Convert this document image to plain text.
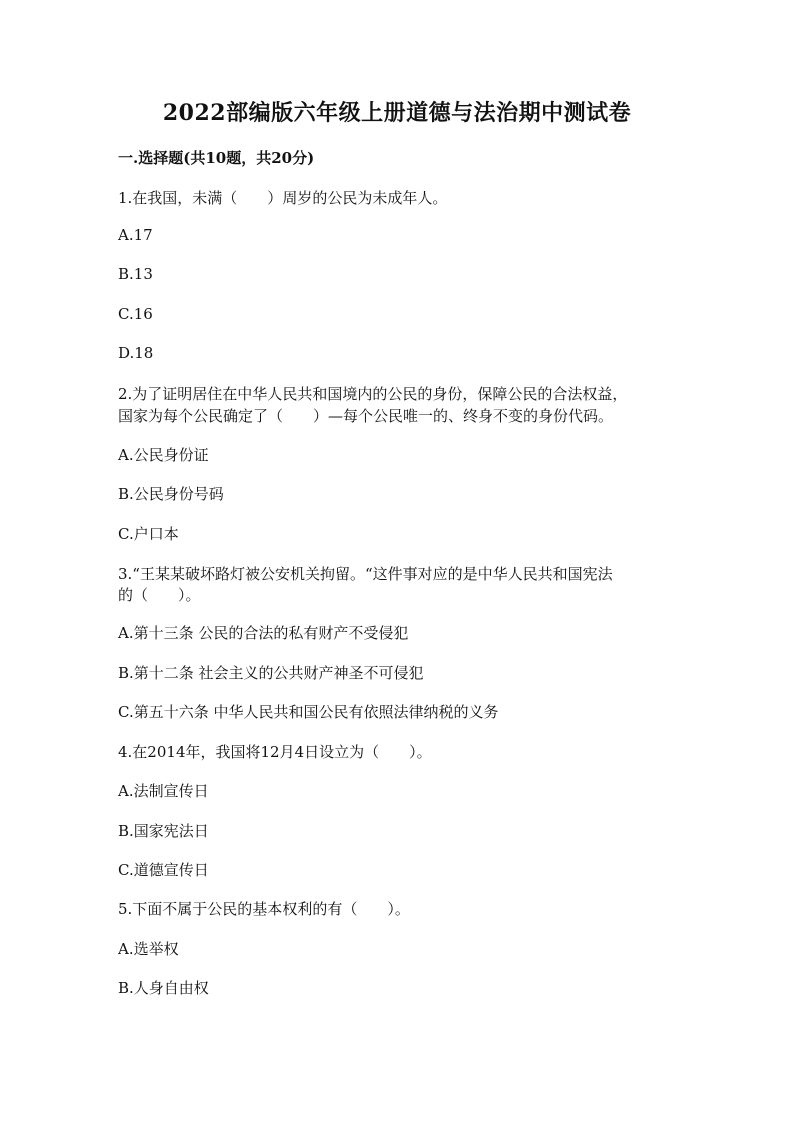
2022部编版六年级上册道德与法治期中测试卷
一.选择题(共10题，共20分)
1.在我国，未满（　　）周岁的公民为未成年人。
A.17
B.13
C.16
D.18
2.为了证明居住在中华人民共和国境内的公民的身份，保障公民的合法权益，
国家为每个公民确定了（　　）—每个公民唯一的、终身不变的身份代码。
A.公民身份证
B.公民身份号码
C.户口本
3.“王某某破坏路灯被公安机关拘留。“这件事对应的是中华人民共和国宪法
的（　　）。
A.第十三条 公民的合法的私有财产不受侵犯
B.第十二条 社会主义的公共财产神圣不可侵犯
C.第五十六条 中华人民共和国公民有依照法律纳税的义务
4.在2014年，我国将12月4日设立为（　　）。
A.法制宣传日
B.国家宪法日
C.道德宣传日
5.下面不属于公民的基本权利的有（　　）。
A.选举权
B.人身自由权
